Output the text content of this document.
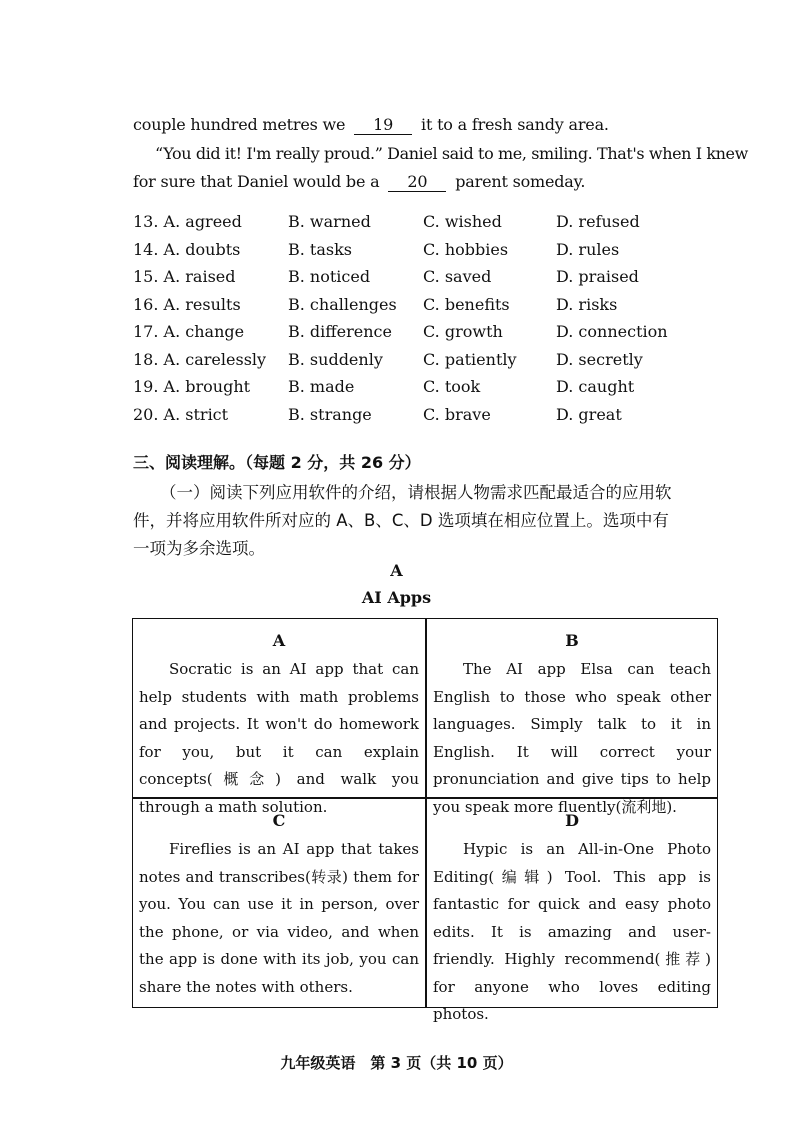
couple hundred metres we 19 it to a fresh sandy area.
“You did it! I'm really proud.” Daniel said to me, smiling. That's when I knew
for sure that Daniel would be a 20 parent someday.
13. A. agreed	B. warned	C. wished	D. refused
14. A. doubts	B. tasks	C. hobbies	D. rules
15. A. raised	B. noticed	C. saved	D. praised
16. A. results	B. challenges C. benefits	D. risks
17. A. change	B. difference C. growth	D. connection
18. A. carelessly B. suddenly	C. patiently D. secretly
19. A. brought B. made	C. took	D. caught
20. A. strict	B. strange	C. brave	D. great
三、阅读理解。（每题 2 分，共 26 分）
（一）阅读下列应用软件的介绍，请根据人物需求匹配最适合的应用软
件，并将应用软件所对应的 A、B、C、D 选项填在相应位置上。选项中有
一项为多余选项。
A
AI Apps
A
Socratic is an AI app that can help students with math problems and projects. It won't do homework for you, but it can explain concepts(概念) and walk you through a math solution.
B
The AI app Elsa can teach English to those who speak other languages. Simply talk to it in English. It will correct your pronunciation and give tips to help you speak more fluently(流利地).
C
Fireflies is an AI app that takes notes and transcribes(转录) them for you. You can use it in person, over the phone, or via video, and when the app is done with its job, you can share the notes with others.
D
Hypic is an All-in-One Photo Editing(编辑) Tool. This app is fantastic for quick and easy photo edits. It is amazing and user-friendly. Highly recommend(推荐) for anyone who loves editing photos.
九年级英语　第 3 页（共 10 页）
